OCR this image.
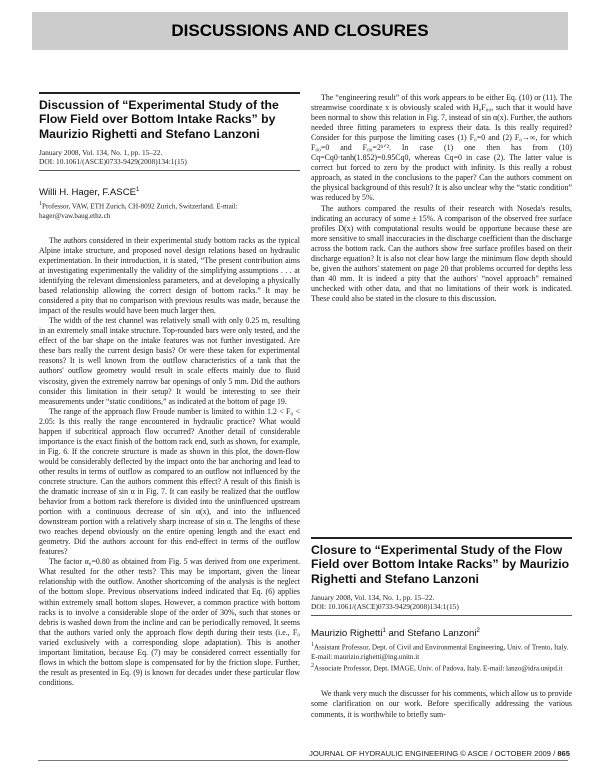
DISCUSSIONS AND CLOSURES
Discussion of “Experimental Study of the Flow Field over Bottom Intake Racks” by Maurizio Righetti and Stefano Lanzoni
January 2008, Vol. 134, No. 1, pp. 15–22.
DOI: 10.1061/(ASCE)0733-9429(2008)134:1(15)
Willi H. Hager, F.ASCE$^1$
$^1$Professor, VAW, ETH Zurich, CH-8092 Zurich, Switzerland. E-mail: hager@vaw.baug.ethz.ch

The authors considered in their experimental study bottom racks as the typical Alpine intake structure, and proposed novel design relations based on hydraulic experimentation. In their introduction, it is stated, “The present contribution aims at investigating experimentally the validity of the simplifying assumptions . . . at identifying the relevant dimensionless parameters, and at developing a physically based relationship allowing the correct design of bottom racks.” It may be considered a pity that no comparison with previous results was made, because the impact of the results would have been much larger then.

The width of the test channel was relatively small with only 0.25 m, resulting in an extremely small intake structure. Top-rounded bars were only tested, and the effect of the bar shape on the intake features was not further investigated. Are these bars really the current design basis? Or were these taken for experimental reasons? It is well known from the outflow characteristics of a tank that the authors' outflow geometry would result in scale effects mainly due to fluid viscosity, given the extremely narrow bar openings of only 5 mm. Did the authors consider this limitation in their setup? It would be interesting to see their measurements under “static conditions,” as indicated at the bottom of page 19.

The range of the approach flow Froude number is limited to within 1.2 < F₀ < 2.05: Is this really the range encountered in hydraulic practice? What would happen if subcritical approach flow occurred? Another detail of considerable importance is the exact finish of the bottom rack end, such as shown, for example, in Fig. 6. If the concrete structure is made as shown in this plot, the down-flow would be considerably deflected by the impact onto the bar anchoring and lead to other results in terms of outflow as compared to an outflow not influenced by the concrete structure. Can the authors comment this effect? A result of this finish is the dramatic increase of sin α in Fig. 7. It can easily be realized that the outflow behavior from a bottom rack therefore is divided into the uninfluenced upstream portion with a continuous decrease of sin α(x), and into the influenced downstream portion with a relatively sharp increase of sin α. The lengths of these two reaches depend obviously on the entire opening length and the exact end geometry. Did the authors account for this end-effect in terms of the outflow features?

The factor α₀=0.80 as obtained from Fig. 5 was derived from one experiment. What resulted for the other tests? This may be important, given the linear relationship with the outflow. Another shortcoming of the analysis is the neglect of the bottom slope. Previous observations indeed indicated that Eq. (6) applies within extremely small bottom slopes. However, a common practice with bottom racks is to involve a considerable slope of the order of 30%, such that stones or debris is washed down from the incline and can be periodically removed. It seems that the authors varied only the approach flow depth during their tests (i.e., F₀ varied exclusively with a corresponding slope adaptation). This is another important limitation, because Eq. (7) may be considered correct essentially for flows in which the bottom slope is compensated for by the friction slope. Further, the result as presented in Eq. (9) is known for decades under these particular flow conditions.

The “engineering result” of this work appears to be either Eq. (10) or (11). The streamwise coordinate x is obviously scaled with H₀F₀₀, such that it would have been normal to show this relation in Fig. 7, instead of sin α(x). Further, the authors needed three fitting parameters to express their data. Is this really required? Consider for this purpose the limiting cases (1) F₀=0 and (2) F₀→∞, for which F₀₀=0 and F₀₀=2¹ᐟ². In case (1) one then has from (10) Cq=Cq0·tanh(1.852)=0.95Cq0, whereas Cq=0 in case (2). The latter value is correct but forced to zero by the product with infinity. Is this really a robust approach, as stated in the conclusions to the paper? Can the authors comment on the physical background of this result? It is also unclear why the “static condition” was reduced by 5%.

The authors compared the results of their research with Noseda's results, indicating an accuracy of some ± 15%. A comparison of the observed free surface profiles D(x) with computational results would be opportune because these are more sensitive to small inaccuracies in the discharge coefficient than the discharge across the bottom rack. Can the authors show free surface profiles based on their discharge equation? It is also not clear how large the minimum flow depth should be, given the authors' statement on page 20 that problems occurred for depths less than 40 mm. It is indeed a pity that the authors' “novel approach” remained unchecked with other data, and that no limitations of their work is indicated. These could also be stated in the closure to this discussion.

Closure to “Experimental Study of the Flow Field over Bottom Intake Racks” by Maurizio Righetti and Stefano Lanzoni
January 2008, Vol. 134, No. 1, pp. 15–22.
DOI: 10.1061/(ASCE)0733-9429(2008)134:1(15)
Maurizio Righetti$^1$ and Stefano Lanzoni$^2$
$^1$Assistant Professor, Dept. of Civil and Environmental Engineering, Univ. of Trento, Italy. E-mail: maurizio.righetti@ing.unitn.it
$^2$Associate Professor, Dept. IMAGE, Univ. of Padova, Italy. E-mail: lanzo@idra.unipd.it

We thank very much the discusser for his comments, which allow us to provide some clarification on our work. Before specifically addressing the various comments, it is worthwhile to briefly sum-

JOURNAL OF HYDRAULIC ENGINEERING © ASCE / OCTOBER 2009 / 865
